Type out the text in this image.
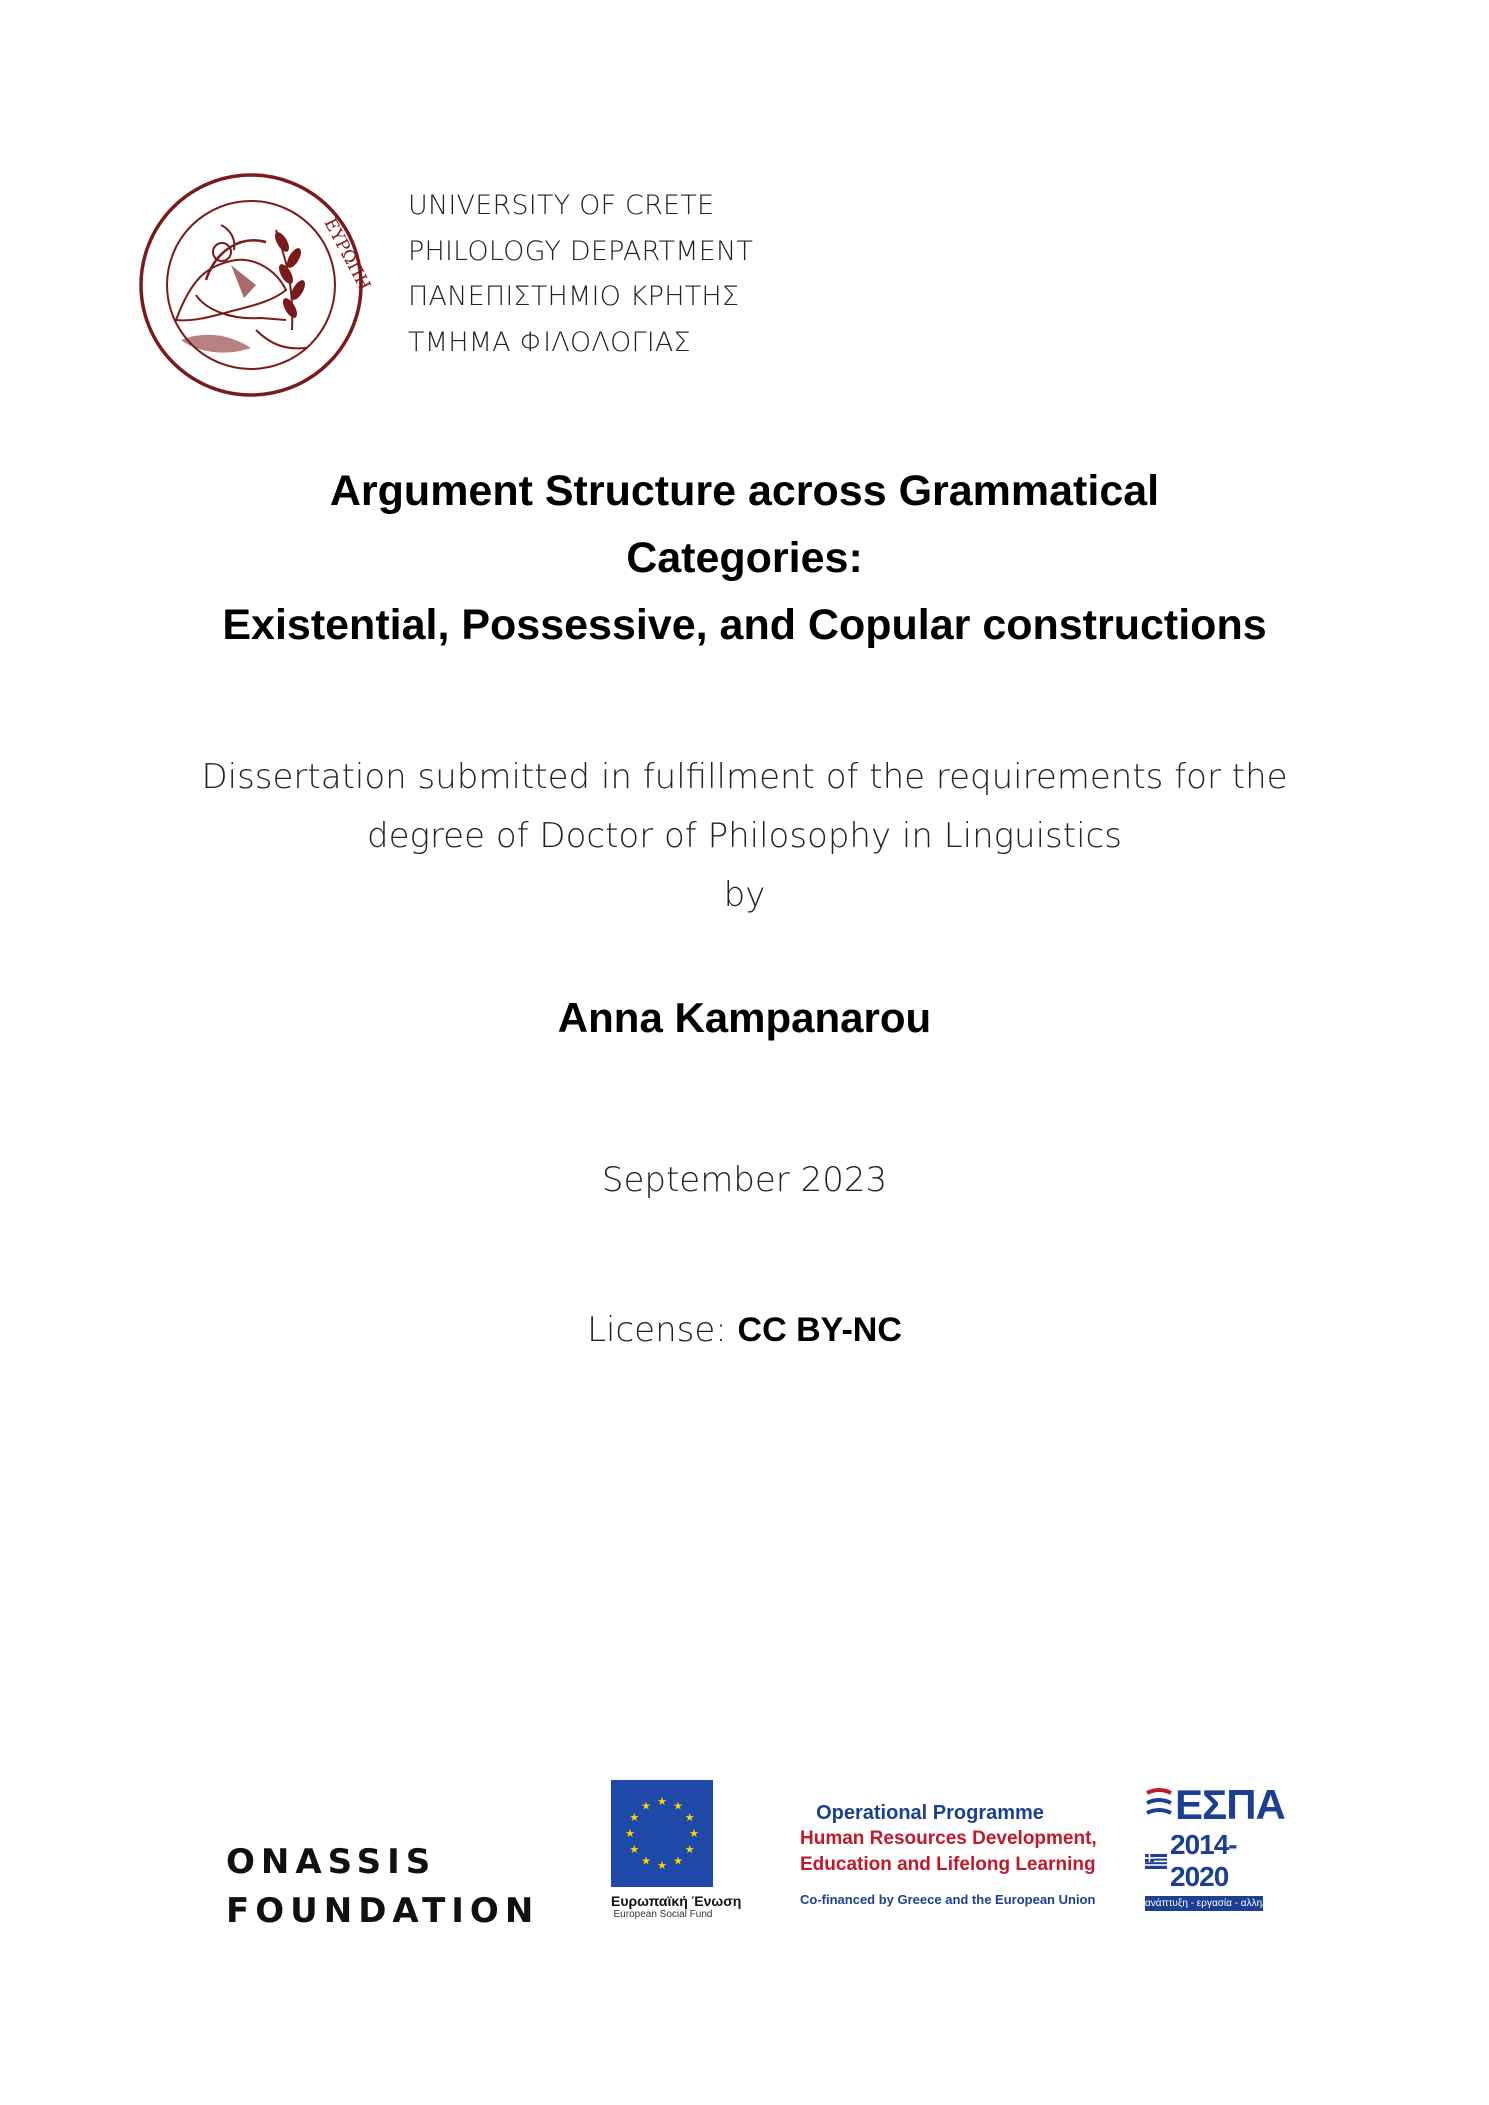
ΕΥΡΩΠΗ
UNIVERSITY OF CRETE
PHILOLOGY DEPARTMENT
ΠΑΝΕΠΙΣΤΗΜΙΟ ΚΡΗΤΗΣ
ΤΜΗΜΑ ΦΙΛΟΛΟΓΙΑΣ
Argument Structure across Grammatical
Categories:
Existential, Possessive, and Copular constructions
Dissertation submitted in fulfillment of the requirements for the
degree of Doctor of Philosophy in Linguistics
by
Anna Kampanarou
September 2023
License: CC BY-NC
ONASSIS
FOUNDATION
★ ★
★
★
★
★
★
★
★
★
★
★
Ευρωπαϊκή Ένωση
European Social Fund
Operational Programme
Human Resources Development,
Education and Lifelong Learning
Co-financed by Greece and the European Union
ΕΣΠΑ
2014-2020
ανάπτυξη - εργασία - αλληλεγγύη
